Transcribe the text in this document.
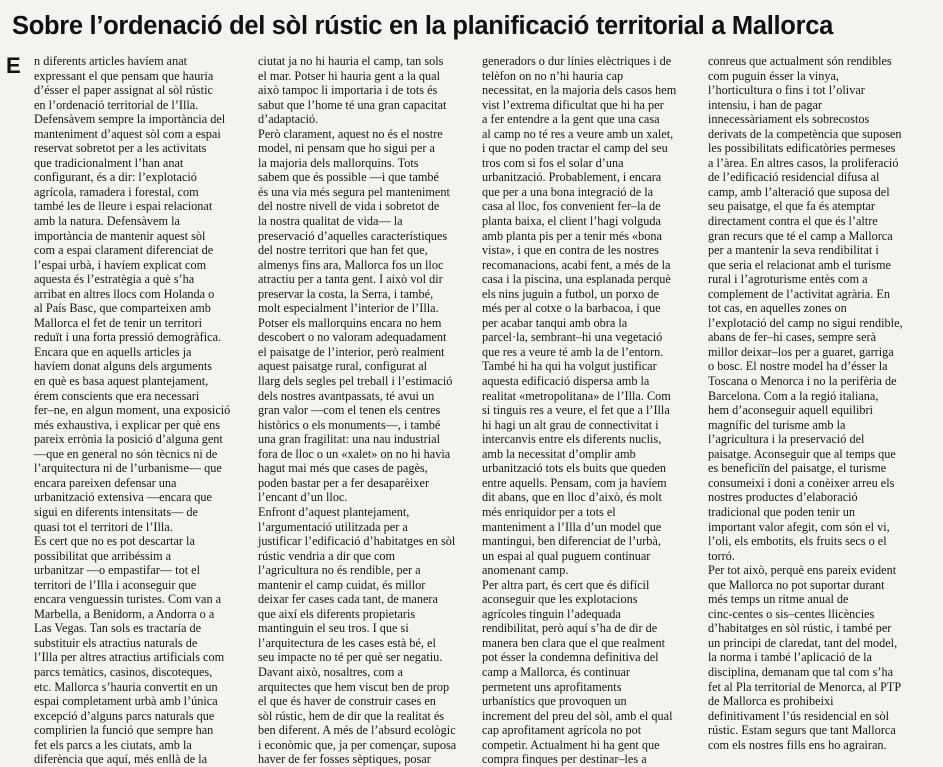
Sobre l’ordenació del sòl rústic en la planificació territorial a Mallorca
E	n diferents articles havíem anat
expressant el que pensam que hauria
d’ésser el paper assignat al sòl rústic
en l’ordenació territorial de l’Illa.
Defensàvem sempre la importància del
manteniment d’aquest sòl com a espai
reservat sobretot per a les activitats
que tradicionalment l’han anat
configurant, és a dir: l’explotació
agrícola, ramadera i forestal, com
també les de lleure i espai relacionat
amb la natura. Defensàvem la
importància de mantenir aquest sòl
com a espai clarament diferenciat de
l’espai urbà, i havíem explicat com
aquesta és l’estratègia a què s’ha
arribat en altres llocs com Holanda o
al País Basc, que comparteixen amb
Mallorca el fet de tenir un territori
reduït i una forta pressió demogràfica.
Encara que en aquells articles ja
havíem donat alguns dels arguments
en què es basa aquest plantejament,
érem conscients que era necessari
fer–ne, en algun moment, una exposició
més exhaustiva, i explicar per què ens
pareix errònia la posició d’alguna gent
—que en general no són tècnics ni de
l’arquitectura ni de l’urbanisme— que
encara pareixen defensar una
urbanització extensiva —encara que
sigui en diferents intensitats— de
quasi tot el territori de l’Illa.
Es cert que no es pot descartar la
possibilitat que arribéssim a
urbanitzar —o empastifar— tot el
territori de l’Illa i aconseguir que
encara venguessin turistes. Com van a
Marbella, a Benidorm, a Andorra o a
Las Vegas. Tan sols es tractaria de
substituir els atractius naturals de
l’Illa per altres atractius artificials com
parcs temàtics, casinos, discoteques,
etc. Mallorca s’hauria convertit en un
espai completament urbà amb l’única
excepció d’alguns parcs naturals que
complirien la funció que sempre han
fet els parcs a les ciutats, amb la
diferència que aquí, més enllà de la
ciutat ja no hi hauria el camp, tan sols
el mar. Potser hi hauria gent a la qual
això tampoc li importaria i de tots és
sabut que l’home té una gran capacitat
d’adaptació.
Però clarament, aquest no és el nostre
model, ni pensam que ho sigui per a
la majoria dels mallorquins. Tots
sabem que és possible —i que també
és una via més segura pel manteniment
del nostre nivell de vida i sobretot de
la nostra qualitat de vida— la
preservació d’aquelles característiques
del nostre territori que han fet que,
almenys fins ara, Mallorca fos un lloc
atractiu per a tanta gent. I això vol dir
preservar la costa, la Serra, i també,
molt especialment l’interior de l’Illa.
Potser els mallorquins encara no hem
descobert o no valoram adequadament
el paisatge de l’interior, però realment
aquest paisatge rural, configurat al
llarg dels segles pel treball i l’estimació
dels nostres avantpassats, té avui un
gran valor —com el tenen els centres
històrics o els monuments—, i també
una gran fragilitat: una nau industrial
fora de lloc o un «xalet» on no hi havia
hagut mai més que cases de pagès,
poden bastar per a fer desaparèixer
l’encant d’un lloc.
Enfront d’aquest plantejament,
l’argumentació utilitzada per a
justificar l’edificació d’habitatges en sòl
rústic vendria a dir que com
l’agricultura no és rendible, per a
mantenir el camp cuidat, és millor
deixar fer cases cada tant, de manera
que així els diferents propietaris
mantinguin el seu tros. I que si
l’arquitectura de les cases està bé, el
seu impacte no té per què ser negatiu.
Davant això, nosaltres, com a
arquitectes que hem viscut ben de prop
el que és haver de construir cases en
sòl rústic, hem de dir que la realitat és
ben diferent. A més de l’absurd ecològic
i econòmic que, ja per començar, suposa
haver de fer fosses sèptiques, posar
generadors o dur línies elèctriques i de
telèfon on no n’hi hauria cap
necessitat, en la majoria dels casos hem
vist l’extrema dificultat que hi ha per
a fer entendre a la gent que una casa
al camp no té res a veure amb un xalet,
i que no poden tractar el camp del seu
tros com si fos el solar d’una
urbanització. Probablement, i encara
que per a una bona integració de la
casa al lloc, fos convenient fer–la de
planta baixa, el client l’hagi volguda
amb planta pis per a tenir més «bona
vista», i que en contra de les nostres
recomanacions, acabi fent, a més de la
casa i la piscina, una esplanada perquè
els nins juguin a futbol, un porxo de
més per al cotxe o la barbacoa, i que
per acabar tanqui amb obra la
parcel·la, sembrant–hi una vegetació
que res a veure té amb la de l’entorn.
També hi ha qui ha volgut justificar
aquesta edificació dispersa amb la
realitat «metropolitana» de l’Illa. Com
si tinguis res a veure, el fet que a l’Illa
hi hagi un alt grau de connectivitat i
intercanvis entre els diferents nuclis,
amb la necessitat d’omplir amb
urbanització tots els buits que queden
entre aquells. Pensam, com ja havíem
dit abans, que en lloc d’això, és molt
més enriquidor per a tots el
manteniment a l’Illa d’un model que
mantingui, ben diferenciat de l’urbà,
un espai al qual puguem continuar
anomenant camp.
Per altra part, és cert que és difícil
aconseguir que les explotacions
agrícoles tinguin l’adequada
rendibilitat, però aquí s’ha de dir de
manera ben clara que el que realment
pot ésser la condemna definitiva del
camp a Mallorca, és continuar
permetent uns aprofitaments
urbanístics que provoquen un
increment del preu del sòl, amb el qual
cap aprofitament agrícola no pot
competir. Actualment hi ha gent que
compra finques per destinar–les a
conreus que actualment són rendibles
com puguin ésser la vinya,
l’horticultura o fins i tot l’olivar
intensiu, i han de pagar
innecessàriament els sobrecostos
derivats de la competència que suposen
les possibilitats edificatòries permeses
a l’àrea. En altres casos, la proliferació
de l’edificació residencial difusa al
camp, amb l’alteració que suposa del
seu paisatge, el que fa és atemptar
directament contra el que és l’altre
gran recurs que té el camp a Mallorca
per a mantenir la seva rendibilitat i
que seria el relacionat amb el turisme
rural i l’agroturisme entès com a
complement de l’activitat agrària. En
tot cas, en aquelles zones on
l’explotació del camp no sigui rendible,
abans de fer–hi cases, sempre serà
millor deixar–los per a guaret, garriga
o bosc. El nostre model ha d’ésser la
Toscana o Menorca i no la perifèria de
Barcelona. Com a la regió italiana,
hem d’aconseguir aquell equilibri
magnífic del turisme amb la
l’agricultura i la preservació del
paisatge. Aconseguir que al temps que
es beneficiïn del paisatge, el turisme
consumeixi i doni a conèixer arreu els
nostres productes d’elaboració
tradicional que poden tenir un
important valor afegit, com són el vi,
l’oli, els embotits, els fruits secs o el
torró.
Per tot això, perquè ens pareix evident
que Mallorca no pot suportar durant
més temps un ritme anual de
cinc-centes o sis–centes llicències
d’habitatges en sòl rústic, i també per
un principi de claredat, tant del model,
la norma i també l’aplicació de la
disciplina, demanam que tal com s’ha
fet al Pla territorial de Menorca, al PTP
de Mallorca es prohibeixi
definitivament l’ús residencial en sòl
rústic. Estam segurs que tant Mallorca
com els nostres fills ens ho agrairan.
